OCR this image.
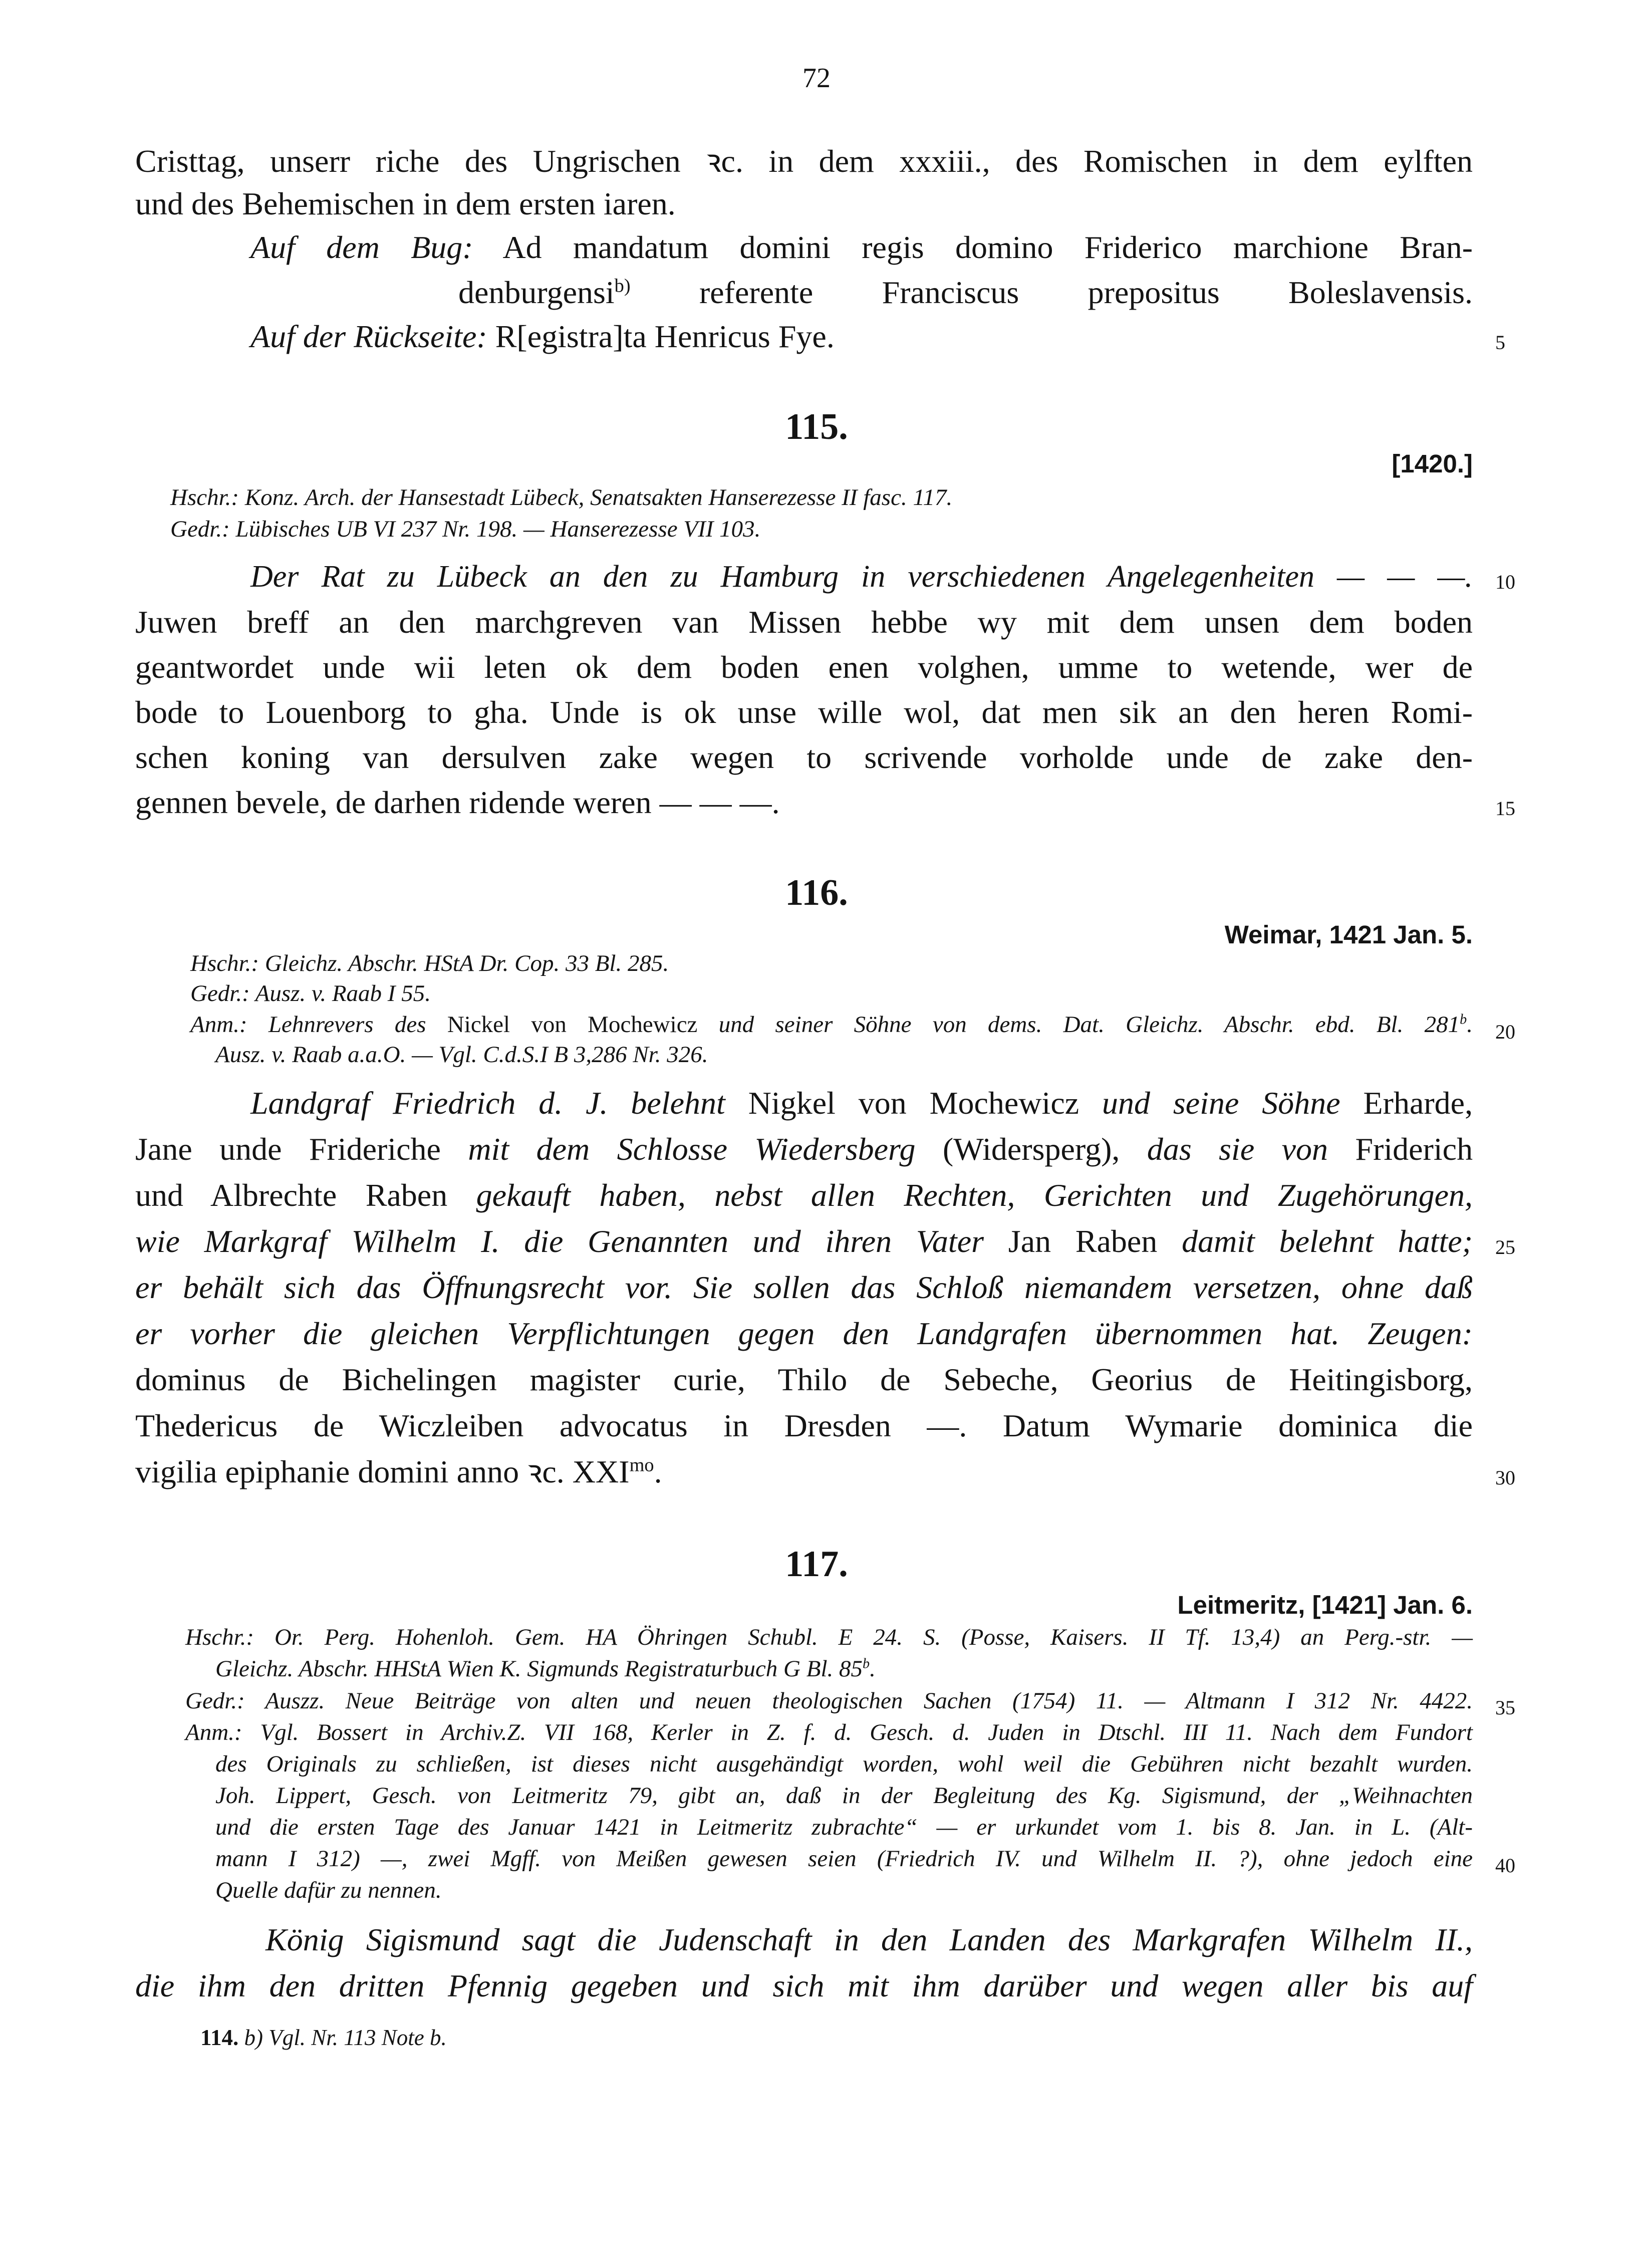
72
Cristtag, unserr riche des Ungrischen ꝛc. in dem xxxiii., des Romischen in dem eylften
und des Behemischen in dem ersten iaren.
Auf dem Bug: Ad mandatum domini regis domino Friderico marchione Bran-
denburgensi$^{b)}$ referente Franciscus prepositus Boleslavensis.
Auf der Rückseite: R[egistra]ta Henricus Fye.
115.
[1420.]
Hschr.: Konz. Arch. der Hansestadt Lübeck, Senatsakten Hanserezesse II fasc. 117.
Gedr.: Lübisches UB VI 237 Nr. 198. — Hanserezesse VII 103.
Der Rat zu Lübeck an den zu Hamburg in verschiedenen Angelegenheiten — — —.
Juwen breff an den marchgreven van Missen hebbe wy mit dem unsen dem boden
geantwordet unde wii leten ok dem boden enen volghen, umme to wetende, wer de
bode to Louenborg to gha. Unde is ok unse wille wol, dat men sik an den heren Romi-
schen koning van dersulven zake wegen to scrivende vorholde unde de zake den-
gennen bevele, de darhen ridende weren — — —.
116.
Weimar, 1421 Jan. 5.
Hschr.: Gleichz. Abschr. HStA Dr. Cop. 33 Bl. 285.
Gedr.: Ausz. v. Raab I 55.
Anm.: Lehnrevers des Nickel von Mochewicz und seiner Söhne von dems. Dat. Gleichz. Abschr. ebd. Bl. 281$^b$.
Ausz. v. Raab a.a.O. — Vgl. C.d.S.I B 3,286 Nr. 326.
Landgraf Friedrich d. J. belehnt Nigkel von Mochewicz und seine Söhne Erharde,
Jane unde Frideriche mit dem Schlosse Wiedersberg (Widersperg), das sie von Friderich
und Albrechte Raben gekauft haben, nebst allen Rechten, Gerichten und Zugehörungen,
wie Markgraf Wilhelm I. die Genannten und ihren Vater Jan Raben damit belehnt hatte;
er behält sich das Öffnungsrecht vor. Sie sollen das Schloß niemandem versetzen, ohne daß
er vorher die gleichen Verpflichtungen gegen den Landgrafen übernommen hat. Zeugen:
dominus de Bichelingen magister curie, Thilo de Sebeche, Georius de Heitingisborg,
Thedericus de Wiczleiben advocatus in Dresden —. Datum Wymarie dominica die
vigilia epiphanie domini anno ꝛc. $XXI^{mo}$.
117.
Leitmeritz, [1421] Jan. 6.
Hschr.: Or. Perg. Hohenloh. Gem. HA Öhringen Schubl. E 24. S. (Posse, Kaisers. II Tf. 13,4) an Perg.-str. —
Gleichz. Abschr. HHStA Wien K. Sigmunds Registraturbuch G Bl. 85$^b$.
Gedr.: Auszz. Neue Beiträge von alten und neuen theologischen Sachen (1754) 11. — Altmann I 312 Nr. 4422.
Anm.: Vgl. Bossert in Archiv.Z. VII 168, Kerler in Z. f. d. Gesch. d. Juden in Dtschl. III 11. Nach dem Fundort
des Originals zu schließen, ist dieses nicht ausgehändigt worden, wohl weil die Gebühren nicht bezahlt wurden.
Joh. Lippert, Gesch. von Leitmeritz 79, gibt an, daß in der Begleitung des Kg. Sigismund, der „Weihnachten
und die ersten Tage des Januar 1421 in Leitmeritz zubrachte“ — er urkundet vom 1. bis 8. Jan. in L. (Alt-
mann I 312) —, zwei Mgff. von Meißen gewesen seien (Friedrich IV. und Wilhelm II. ?), ohne jedoch eine
Quelle dafür zu nennen.
König Sigismund sagt die Judenschaft in den Landen des Markgrafen Wilhelm II.,
die ihm den dritten Pfennig gegeben und sich mit ihm darüber und wegen aller bis auf
114. b) Vgl. Nr. 113 Note b.
5
10
15
20
25
30
35
40
